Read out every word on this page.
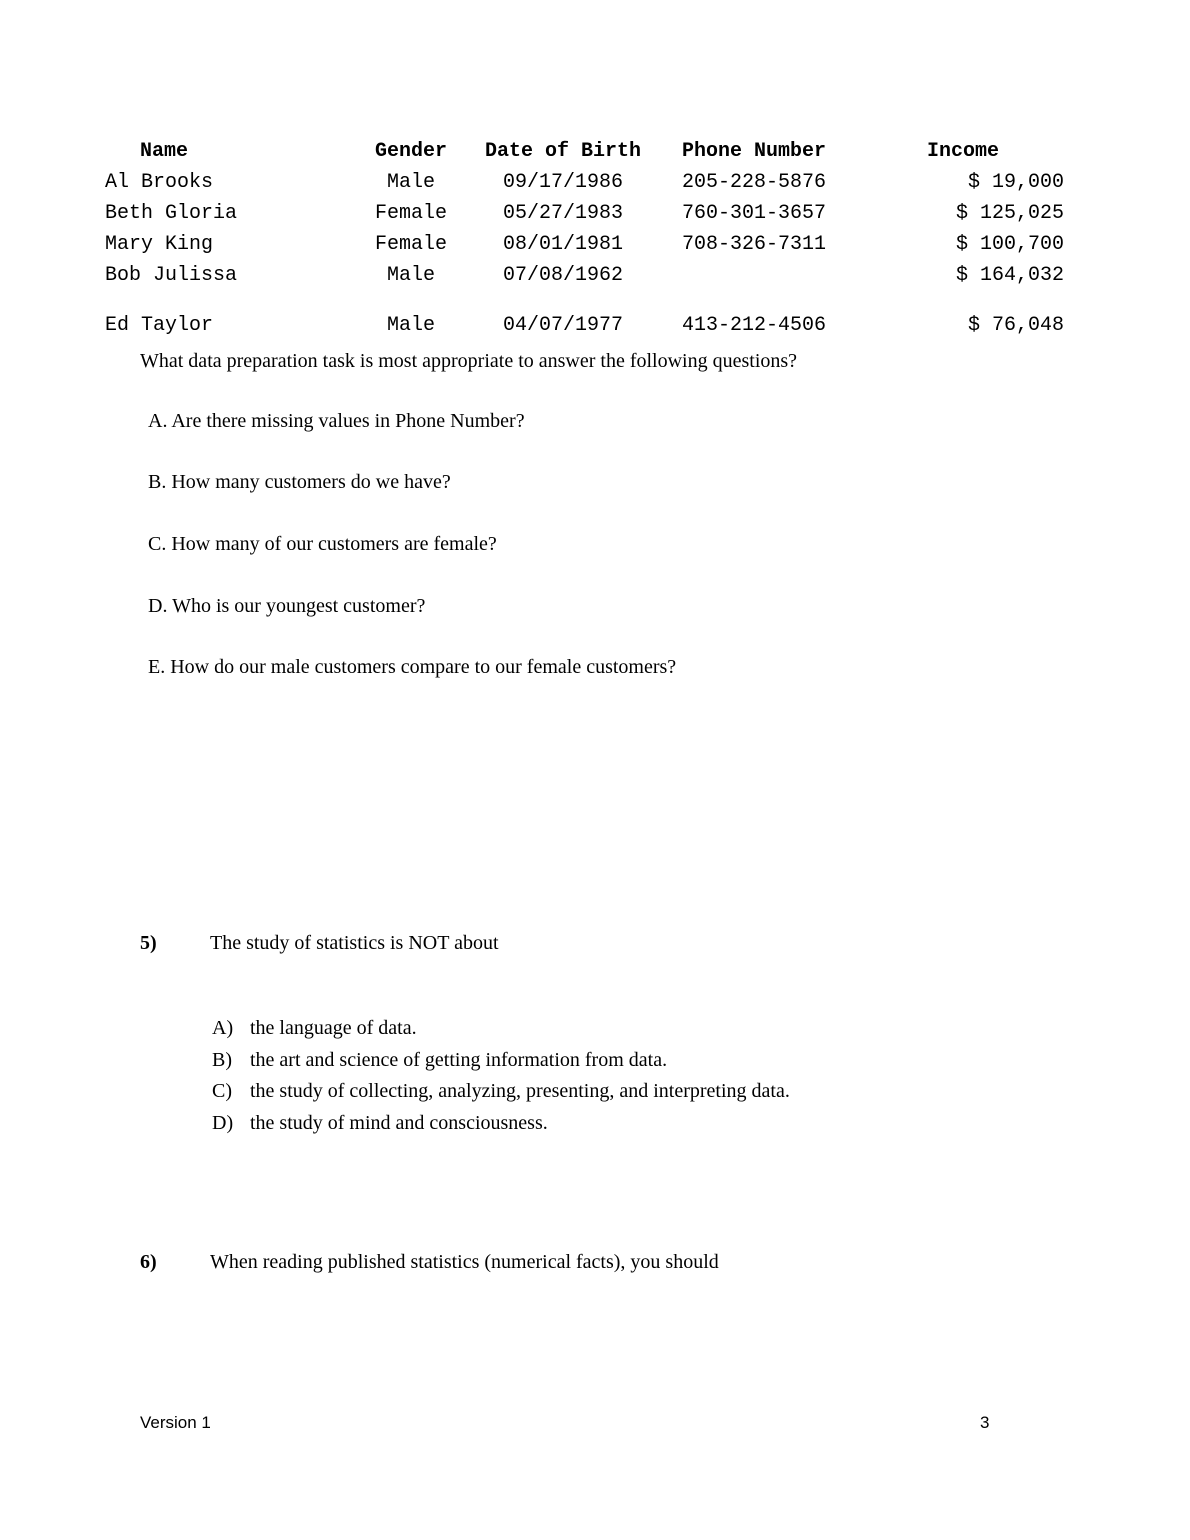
Name	Gender	Date of Birth	Phone Number	Income
Al Brooks	Male	09/17/1986	205-228-5876	$ 19,000
Beth Gloria	Female	05/27/1983	760-301-3657	$ 125,025
Mary King	Female	08/01/1981	708-326-7311	$ 100,700
Bob Julissa	Male	07/08/1962		$ 164,032
Ed Taylor	Male	04/07/1977	413-212-4506	$ 76,048
What data preparation task is most appropriate to answer the following questions?
A. Are there missing values in Phone Number?
B. How many customers do we have?
C. How many of our customers are female?
D. Who is our youngest customer?
E. How do our male customers compare to our female customers?
5)	The study of statistics is NOT about
A) the language of data.
B) the art and science of getting information from data.
C) the study of collecting, analyzing, presenting, and interpreting data.
D) the study of mind and consciousness.
6)	When reading published statistics (numerical facts), you should
Version 1	3
